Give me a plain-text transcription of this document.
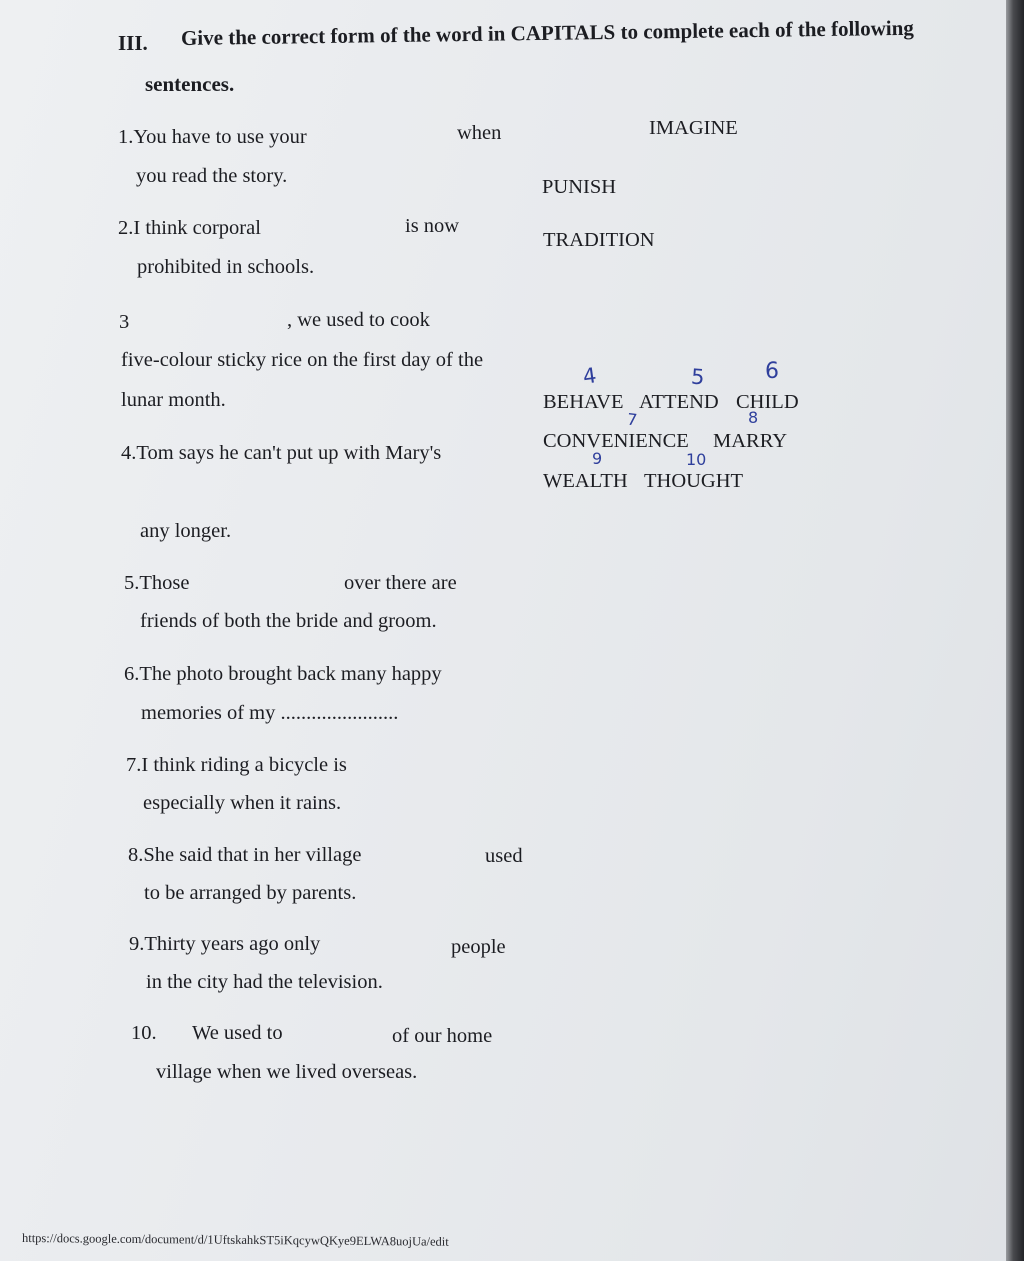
III. Give the correct form of the word in CAPITALS to complete each of the following
sentences.
1.You have to use your	when
you read the story.
2.I think corporal	is now
prohibited in schools.
3	, we used to cook
five-colour sticky rice on the first day of the
lunar month.
4.Tom says he can't put up with Mary's
any longer.
5.Those	over there are
friends of both the bride and groom.
6.The photo brought back many happy
memories of my .......................
7.I think riding a bicycle is
especially when it rains.
8.She said that in her village	used
to be arranged by parents.
9.Thirty years ago only	people
in the city had the television.
10. We used to	of our home
village when we lived overseas.
IMAGINE
PUNISH
TRADITION
BEHAVE ATTEND CHILD
CONVENIENCE MARRY
WEALTH THOUGHT
4	5	6
7	8
9	10
https://docs.google.com/document/d/1UftskahkST5iKqcywQKye9ELWA8uojUa/edit
